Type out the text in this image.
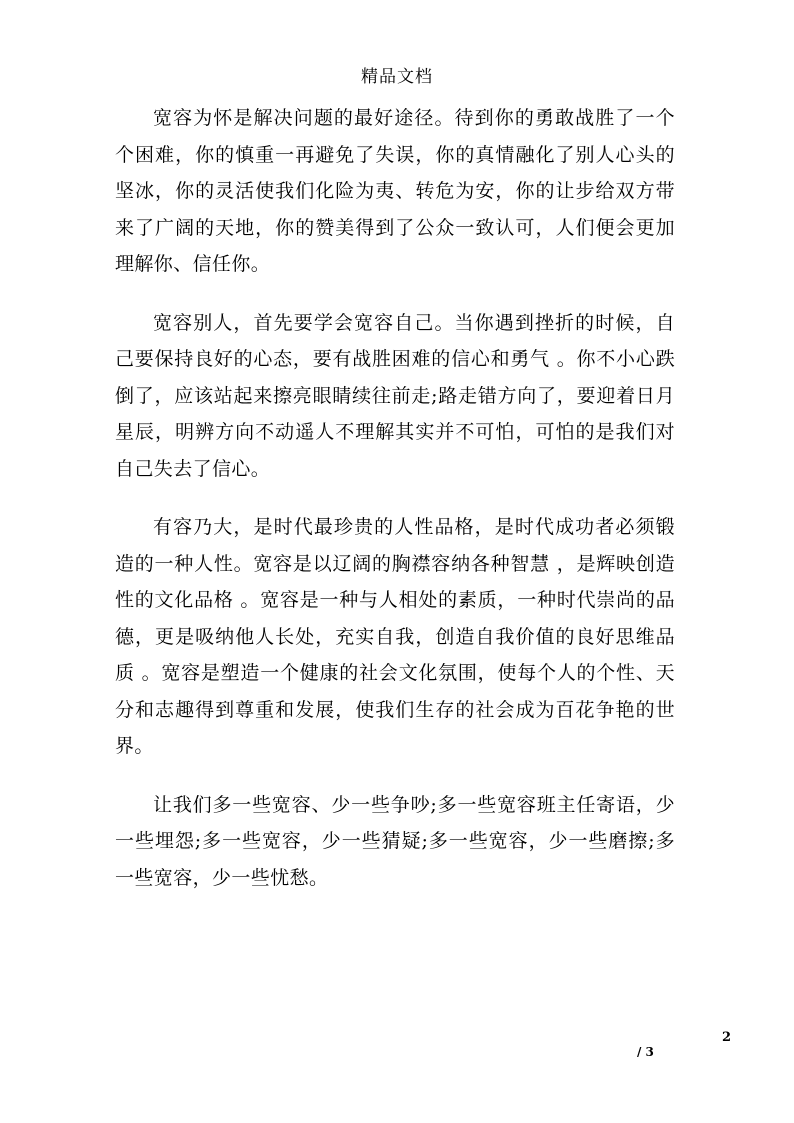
精品文档

宽容为怀是解决问题的最好途径。待到你的勇敢战胜了一个个困难，你的慎重一再避免了失误，你的真情融化了别人心头的坚冰，你的灵活使我们化险为夷、转危为安，你的让步给双方带来了广阔的天地，你的赞美得到了公众一致认可，人们便会更加理解你、信任你。

宽容别人，首先要学会宽容自己。当你遇到挫折的时候，自己要保持良好的心态，要有战胜困难的信心和勇气 。你不小心跌倒了，应该站起来擦亮眼睛续往前走;路走错方向了，要迎着日月星辰，明辨方向不动遥人不理解其实并不可怕，可怕的是我们对自己失去了信心。

有容乃大，是时代最珍贵的人性品格，是时代成功者必须锻造的一种人性。宽容是以辽阔的胸襟容纳各种智慧 ，是辉映创造性的文化品格 。宽容是一种与人相处的素质，一种时代崇尚的品德，更是吸纳他人长处，充实自我，创造自我价值的良好思维品质 。宽容是塑造一个健康的社会文化氛围，使每个人的个性、天分和志趣得到尊重和发展，使我们生存的社会成为百花争艳的世界。

让我们多一些宽容、少一些争吵;多一些宽容班主任寄语，少一些埋怨;多一些宽容，少一些猜疑;多一些宽容，少一些磨擦;多一些宽容，少一些忧愁。

2
/ 3
